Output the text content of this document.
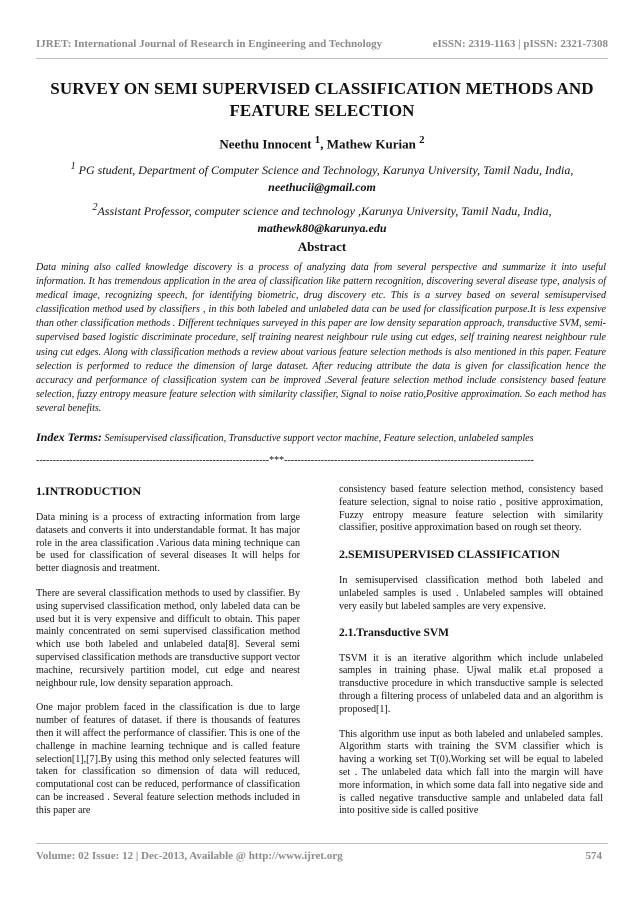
IJRET: International Journal of Research in Engineering and Technology	eISSN: 2319-1163 | pISSN: 2321-7308
SURVEY ON SEMI SUPERVISED CLASSIFICATION METHODS AND
FEATURE SELECTION
Neethu Innocent $^1$, Mathew Kurian $^2$
$^1$ PG student, Department of Computer Science and Technology, Karunya University, Tamil Nadu, India,
neethucii@gmail.com
$^2$Assistant Professor, computer science and technology ,Karunya University, Tamil Nadu, India,
mathewk80@karunya.edu
Abstract
Data mining also called knowledge discovery is a process of analyzing data from several perspective and summarize it into useful information. It has tremendous application in the area of classification like pattern recognition, discovering several disease type, analysis of medical image, recognizing speech, for identifying biometric, drug discovery etc. This is a survey based on several semisupervised classification method used by classifiers , in this both labeled and unlabeled data can be used for classification purpose.It is less expensive than other classification methods . Different techniques surveyed in this paper are low density separation approach, transductive SVM, semi-supervised based logistic discriminate procedure, self training nearest neighbour rule using cut edges, self training nearest neighbour rule using cut edges. Along with classification methods a review about various feature selection methods is also mentioned in this paper. Feature selection is performed to reduce the dimension of large dataset. After reducing attribute the data is given for classification hence the accuracy and performance of classification system can be improved .Several feature selection method include consistency based feature selection, fuzzy entropy measure feature selection with similarity classifier, Signal to noise ratio,Positive approximation. So each method has several benefits.
Index Terms: Semisupervised classification, Transductive support vector machine, Feature selection, unlabeled samples
----------------------------------------------------------------------***---------------------------------------------------------------------------
1.INTRODUCTION

Data mining is a process of extracting information from large datasets and converts it into understandable format. It has major role in the area classification .Various data mining technique can be used for classification of several diseases It will helps for better diagnosis and treatment.

There are several classification methods to used by classifier. By using supervised classification method, only labeled data can be used but it is very expensive and difficult to obtain. This paper mainly concentrated on semi supervised classification method which use both labeled and unlabeled data[8]. Several semi supervised classification methods are transductive support vector machine, recursively partition model, cut edge and nearest neighbour rule, low density separation approach.

One major problem faced in the classification is due to large number of features of dataset. if there is thousands of features then it will affect the performance of classifier. This is one of the challenge in machine learning technique and is called feature selection[1],[7].By using this method only selected features will taken for classification so dimension of data will reduced, computational cost can be reduced, performance of classification can be increased . Several feature selection methods included in this paper are

consistency based feature selection method, consistency based feature selection, signal to noise ratio , positive approximation, Fuzzy entropy measure feature selection with similarity classifier, positive approximation based on rough set theory.

2.SEMISUPERVISED CLASSIFICATION

In semisupervised classification method both labeled and unlabeled samples is used . Unlabeled samples will obtained very easily but labeled samples are very expensive.

2.1.Transductive SVM

TSVM it is an iterative algorithm which include unlabeled samples in training phase. Ujwal malik et.al proposed a transductive procedure in which transductive sample is selected through a filtering process of unlabeled data and an algorithm is proposed[1].

This algorithm use input as both labeled and unlabeled samples. Algorithm starts with training the SVM classifier which is having a working set T(0).Working set will be equal to labeled set . The unlabeled data which fall into the margin will have more information, in which some data fall into negative side and is called negative transductive sample and unlabeled data fall into positive side is called positive

Volume: 02 Issue: 12 | Dec-2013, Available @ http://www.ijret.org	574
